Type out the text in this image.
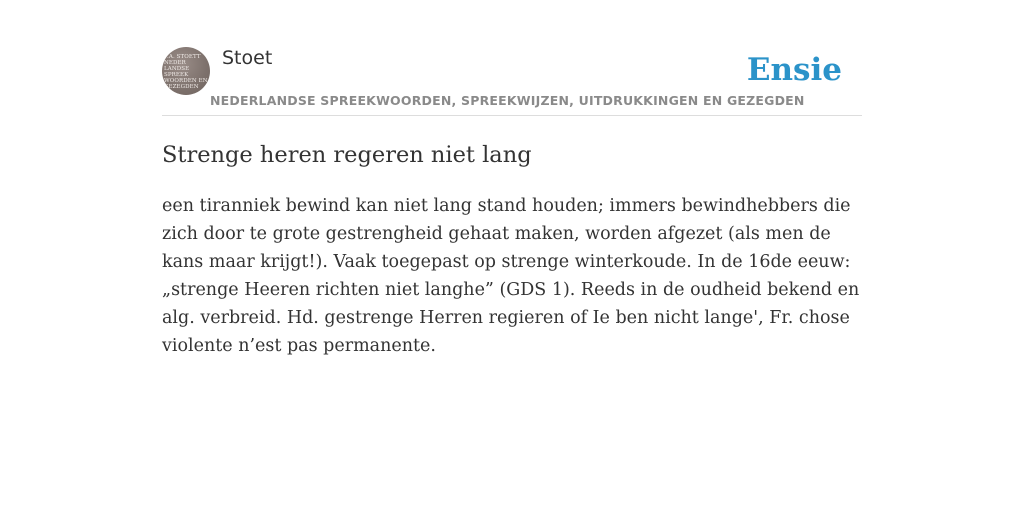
F.A. STOETT
NEDER
LANDSE
SPREEK
WOORDEN EN
GEZEGDEN
Stoet	Ensie
NEDERLANDSE SPREEKWOORDEN, SPREEKWIJZEN, UITDRUKKINGEN EN GEZEGDEN
Strenge heren regeren niet lang

een tiranniek bewind kan niet lang stand houden; immers bewindhebbers die zich door te grote gestrengheid gehaat maken, worden afgezet (als men de kans maar krijgt!). Vaak toegepast op strenge winterkoude. In de 16de eeuw: „strenge Heeren richten niet langhe” (GDS 1). Reeds in de oudheid bekend en alg. verbreid. Hd. gestrenge Herren regieren of Ie ben nicht lange', Fr. chose violente n’est pas permanente.
